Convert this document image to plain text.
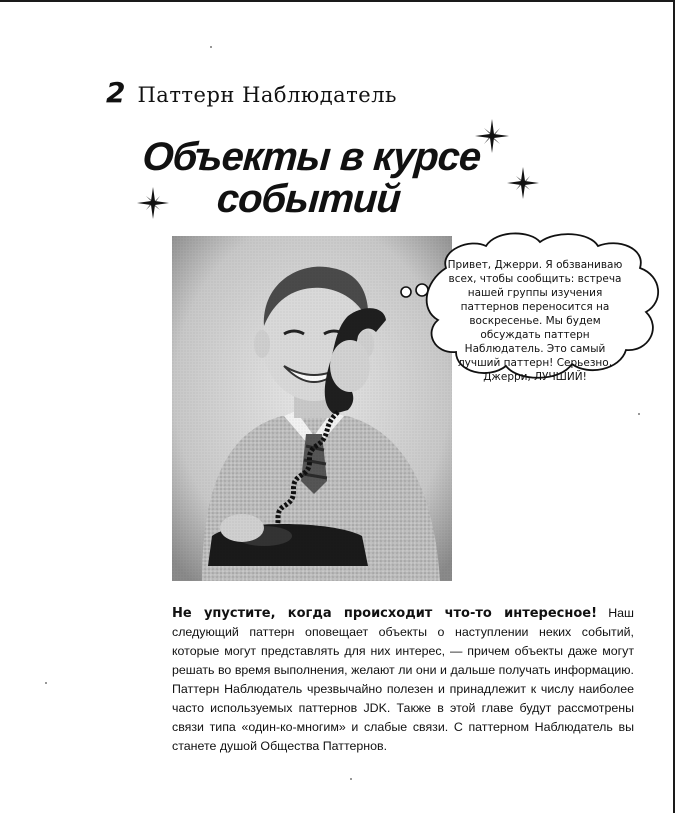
2 Паттерн Наблюдатель
Объекты в курсе
событий
Привет, Джерри. Я обзваниваю всех, чтобы сообщить: встреча нашей группы изучения паттернов переносится на воскресенье. Мы будем обсуждать паттерн Наблюдатель. Это самый лучший паттерн! Серьезно, Джерри, ЛУЧШИЙ!
Не упустите, когда происходит что-то интересное! Наш следующий паттерн оповещает объекты о наступлении неких событий, которые могут представлять для них интерес, — причем объекты даже могут решать во время выполнения, желают ли они и дальше получать информацию. Паттерн Наблюдатель чрезвычайно полезен и принадлежит к числу наиболее часто используемых паттернов JDK. Также в этой главе будут рассмотрены связи типа «один-ко-многим» и слабые связи. С паттерном Наблюдатель вы станете душой Общества Паттернов.
